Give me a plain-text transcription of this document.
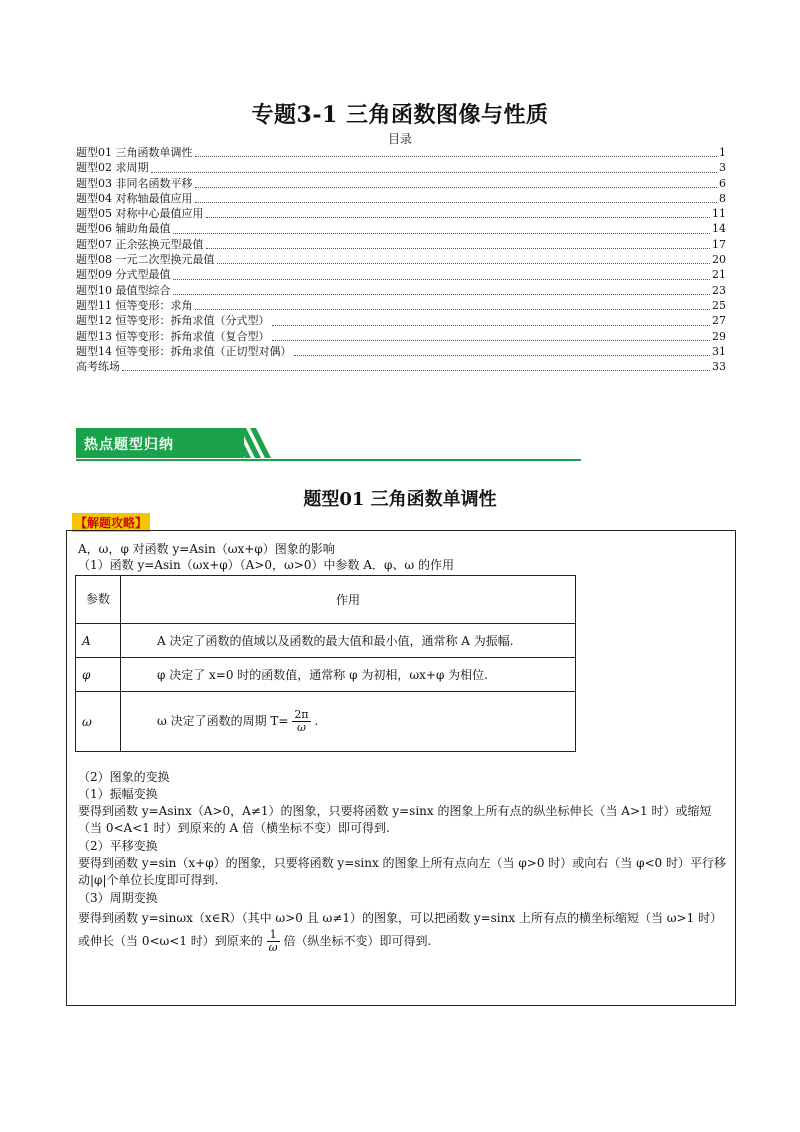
专题3-1 三角函数图像与性质
目录
题型01 三角函数单调性	1
题型02 求周期	3
题型03 非同名函数平移	6
题型04 对称轴最值应用	8
题型05 对称中心最值应用	11
题型06 辅助角最值	14
题型07 正余弦换元型最值	17
题型08 一元二次型换元最值	20
题型09 分式型最值	21
题型10 最值型综合	23
题型11 恒等变形：求角	25
题型12 恒等变形：拆角求值（分式型）	27
题型13 恒等变形：拆角求值（复合型）	29
题型14 恒等变形：拆角求值（正切型对偶）	31
高考练场	33
热点题型归纳
题型01 三角函数单调性
【解题攻略】
A，ω，φ 对函数 y=Asin（ωx+φ）图象的影响
（1）函数 y=Asin（ωx+φ）（A>0，ω>0）中参数 A．φ、ω 的作用
参数	作用
A	A 决定了函数的值域以及函数的最大值和最小值，通常称 A 为振幅.
φ	φ 决定了 x=0 时的函数值，通常称 φ 为初相，ωx+φ 为相位.
ω	ω 决定了函数的周期 $T= \frac{2\pi}{\omega}$ .
（2）图象的变换
（1）振幅变换
要得到函数 y=Asinx（A>0，A≠1）的图象，只要将函数 y=sinx 的图象上所有点的纵坐标伸长（当 A>1 时）或缩短（当 0<A<1 时）到原来的 A 倍（横坐标不变）即可得到.
（2）平移变换
要得到函数 y=sin（x+φ）的图象，只要将函数 y=sinx 的图象上所有点向左（当 φ>0 时）或向右（当 φ<0 时）平行移动|φ|个单位长度即可得到.
（3）周期变换
要得到函数 y=sinωx（x∈R）（其中 ω>0 且 ω≠1）的图象，可以把函数 y=sinx 上所有点的横坐标缩短（当 ω>1 时）或伸长（当 0<ω<1 时）到原来的 $\frac{1}{\omega}$ 倍（纵坐标不变）即可得到.
